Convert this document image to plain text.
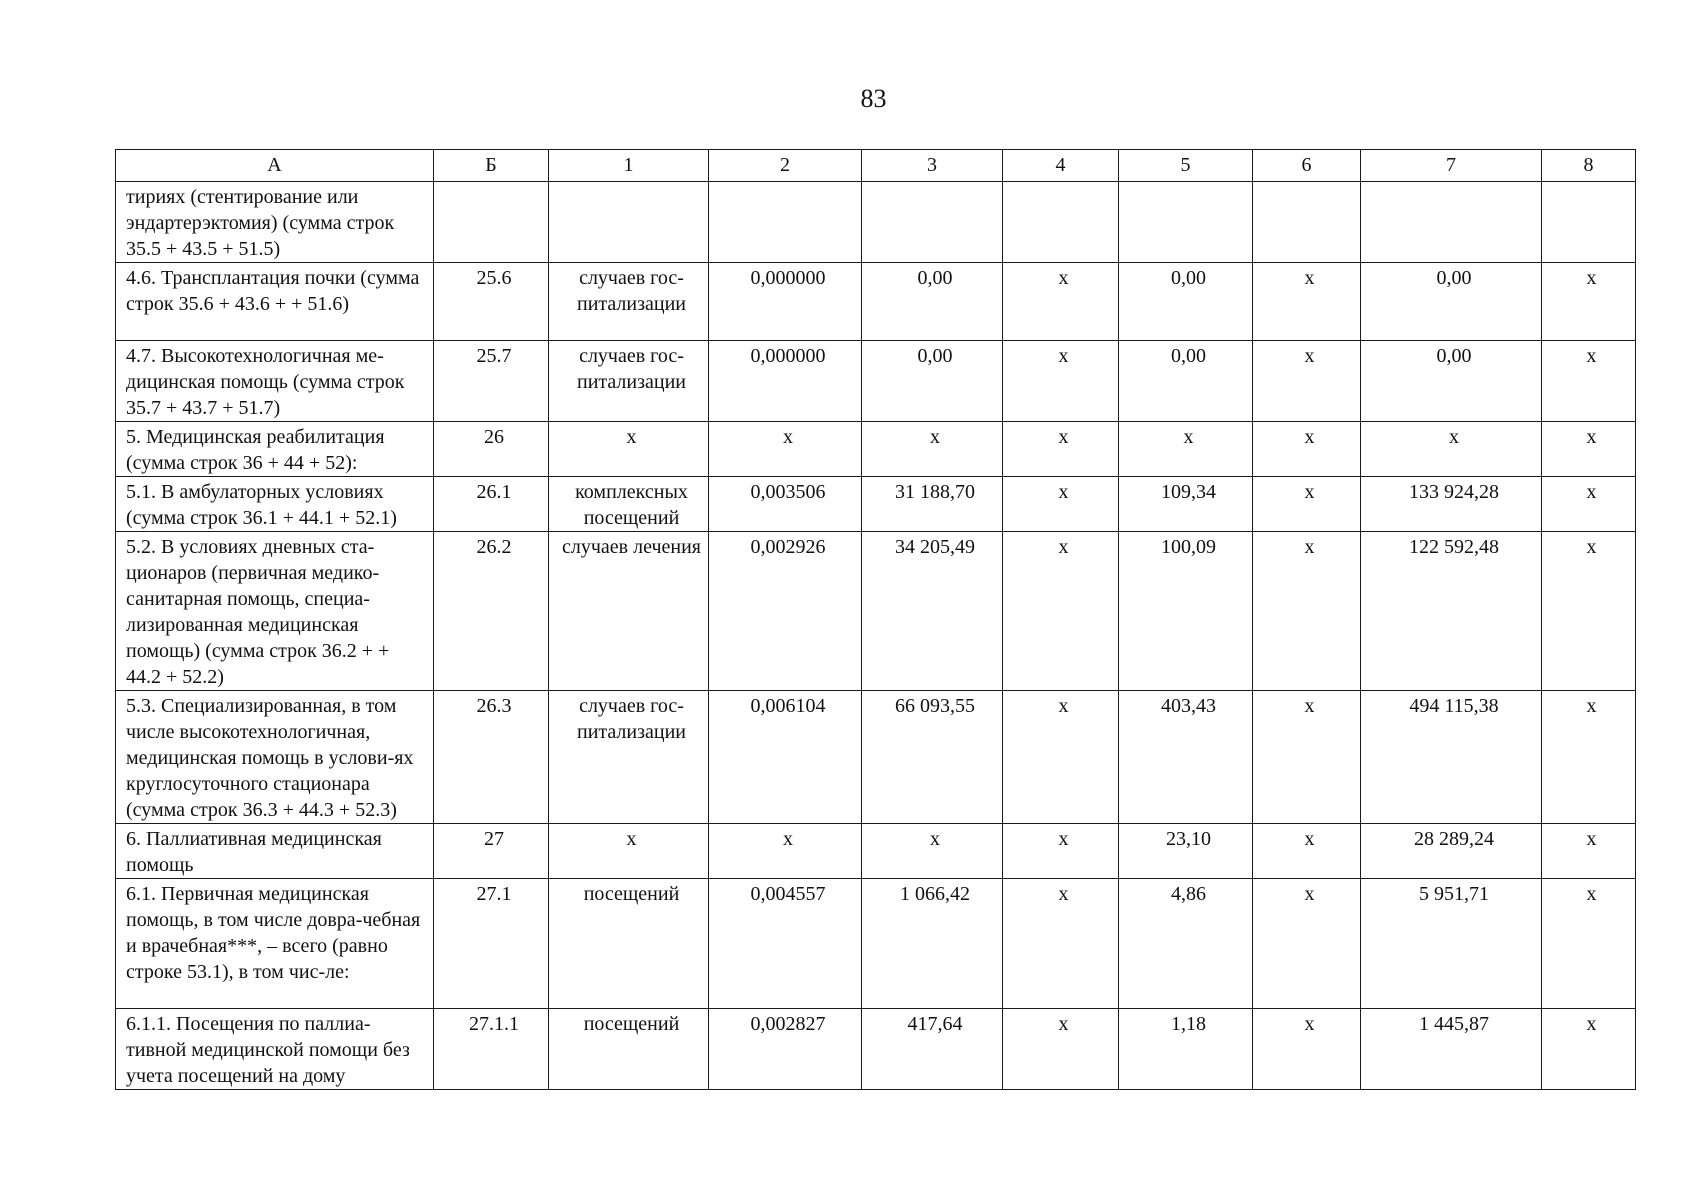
83
А	Б	1	2	3	4	5	6	7	8
тириях (стентирование или эндартерэктомия) (сумма строк 35.5 + 43.5 + 51.5)									
4.6. Трансплантация почки (сумма строк 35.6 + 43.6 + + 51.6)	25.6	случаев гос-питализации	0,000000	0,00	х	0,00	х	0,00	х
4.7. Высокотехнологичная ме-дицинская помощь (сумма строк 35.7 + 43.7 + 51.7)	25.7	случаев гос-питализации	0,000000	0,00	х	0,00	х	0,00	х
5. Медицинская реабилитация (сумма строк 36 + 44 + 52):	26	х	х	х	х	х	х	х	х
5.1. В амбулаторных условиях (сумма строк 36.1 + 44.1 + 52.1)	26.1	комплексных посещений	0,003506	31 188,70	х	109,34	х	133 924,28	х
5.2. В условиях дневных ста-ционаров (первичная медико-санитарная помощь, специа-лизированная медицинская помощь) (сумма строк 36.2 + + 44.2 + 52.2)	26.2	случаев лечения	0,002926	34 205,49	х	100,09	х	122 592,48	х
5.3. Специализированная, в том числе высокотехнологичная, медицинская помощь в услови-ях круглосуточного стационара (сумма строк 36.3 + 44.3 + 52.3)	26.3	случаев гос-питализации	0,006104	66 093,55	х	403,43	х	494 115,38	х
6. Паллиативная медицинская помощь	27	х	х	х	х	23,10	х	28 289,24	х
6.1. Первичная медицинская помощь, в том числе довра-чебная и врачебная***, – всего (равно строке 53.1), в том чис-ле:	27.1	посещений	0,004557	1 066,42	х	4,86	х	5 951,71	х
6.1.1. Посещения по паллиа-тивной медицинской помощи без учета посещений на дому	27.1.1	посещений	0,002827	417,64	х	1,18	х	1 445,87	х
